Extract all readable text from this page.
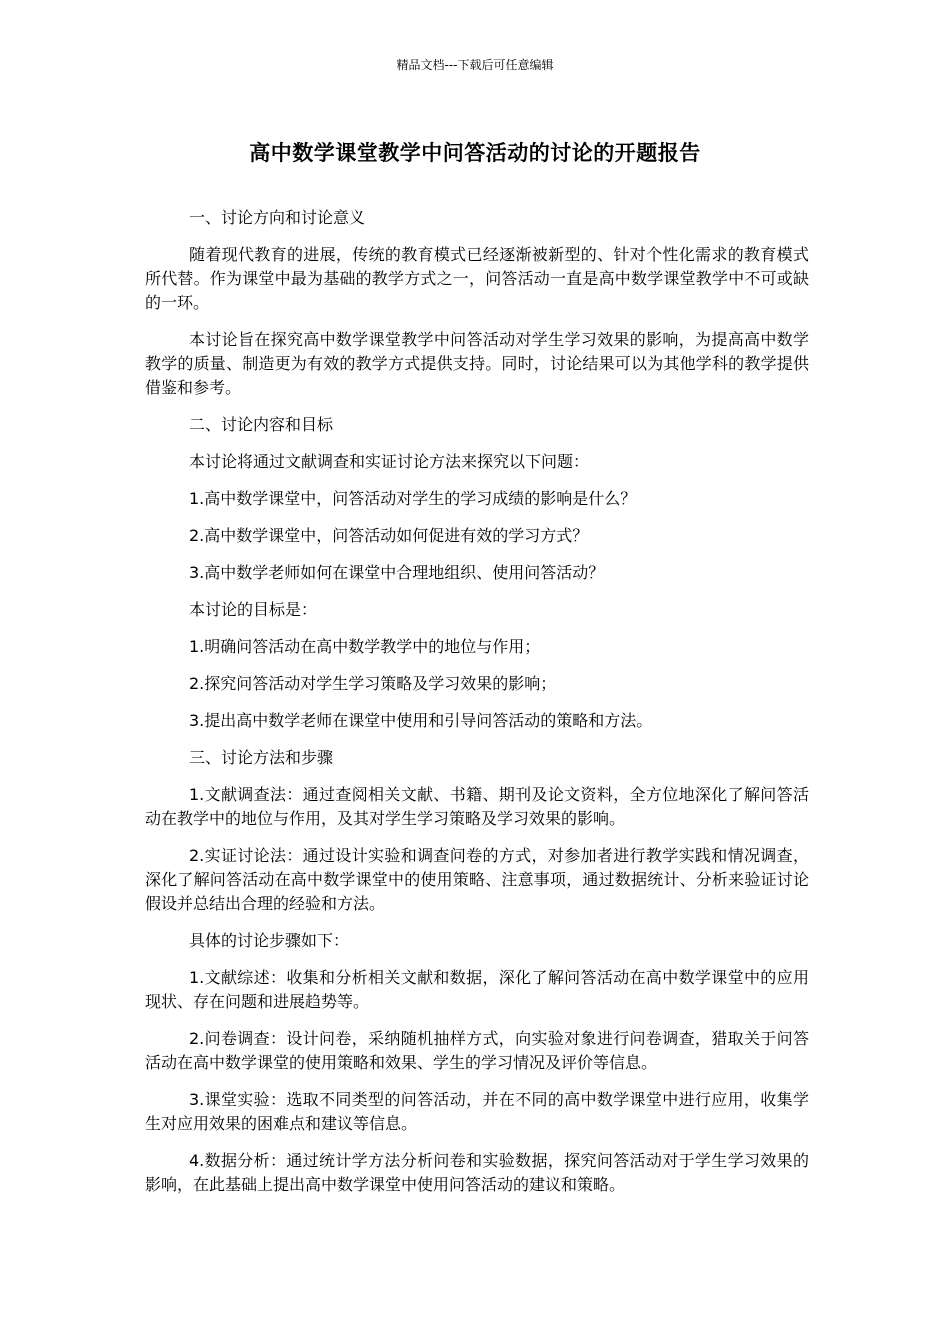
精品文档---下载后可任意编辑
高中数学课堂教学中问答活动的讨论的开题报告

一、讨论方向和讨论意义

随着现代教育的进展，传统的教育模式已经逐渐被新型的、针对个性化需求的教育模式所代替。作为课堂中最为基础的教学方式之一，问答活动一直是高中数学课堂教学中不可或缺的一环。

本讨论旨在探究高中数学课堂教学中问答活动对学生学习效果的影响，为提高高中数学教学的质量、制造更为有效的教学方式提供支持。同时，讨论结果可以为其他学科的教学提供借鉴和参考。

二、讨论内容和目标

本讨论将通过文献调查和实证讨论方法来探究以下问题：

1.高中数学课堂中，问答活动对学生的学习成绩的影响是什么？

2.高中数学课堂中，问答活动如何促进有效的学习方式？

3.高中数学老师如何在课堂中合理地组织、使用问答活动？

本讨论的目标是：

1.明确问答活动在高中数学教学中的地位与作用；

2.探究问答活动对学生学习策略及学习效果的影响；

3.提出高中数学老师在课堂中使用和引导问答活动的策略和方法。

三、讨论方法和步骤

1.文献调查法：通过查阅相关文献、书籍、期刊及论文资料，全方位地深化了解问答活动在教学中的地位与作用，及其对学生学习策略及学习效果的影响。

2.实证讨论法：通过设计实验和调查问卷的方式，对参加者进行教学实践和情况调查，深化了解问答活动在高中数学课堂中的使用策略、注意事项，通过数据统计、分析来验证讨论假设并总结出合理的经验和方法。

具体的讨论步骤如下：

1.文献综述：收集和分析相关文献和数据，深化了解问答活动在高中数学课堂中的应用现状、存在问题和进展趋势等。

2.问卷调查：设计问卷，采纳随机抽样方式，向实验对象进行问卷调查，猎取关于问答活动在高中数学课堂的使用策略和效果、学生的学习情况及评价等信息。

3.课堂实验：选取不同类型的问答活动，并在不同的高中数学课堂中进行应用，收集学生对应用效果的困难点和建议等信息。

4.数据分析：通过统计学方法分析问卷和实验数据，探究问答活动对于学生学习效果的影响，在此基础上提出高中数学课堂中使用问答活动的建议和策略。
